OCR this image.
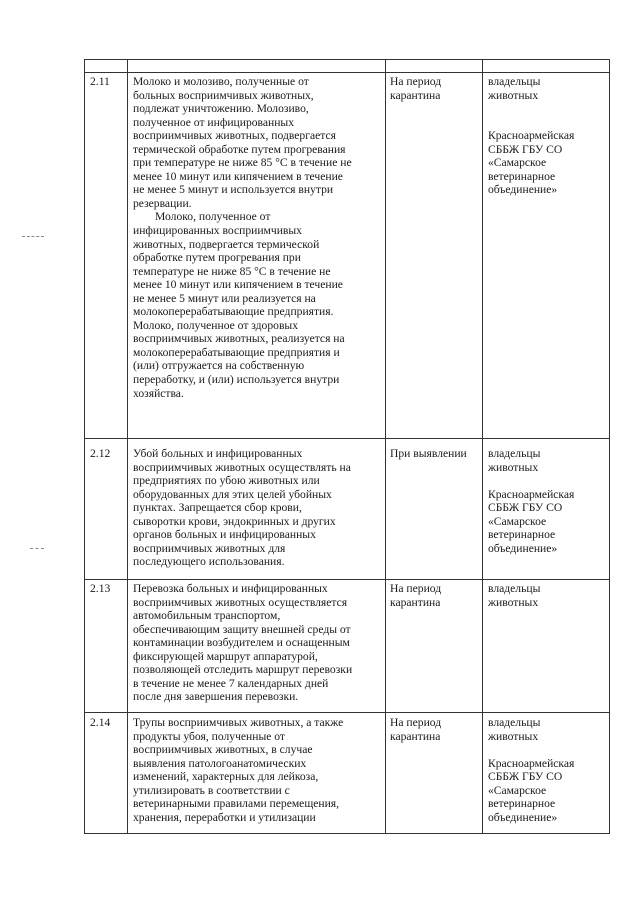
2.11 Молоко и молозиво, полученные от
больных восприимчивых животных,
подлежат уничтожению. Молозиво,
полученное от инфицированных
восприимчивых животных, подвергается
термической обработке путем прогревания
при температуре не ниже 85 °С в течение не
менее 10 минут или кипячением в течение
не менее 5 минут и используется внутри
резервации.
Молоко, полученное от
инфицированных восприимчивых
животных, подвергается термической
обработке путем прогревания при
температуре не ниже 85 °С в течение не
менее 10 минут или кипячением в течение
не менее 5 минут или реализуется на
молокоперерабатывающие предприятия.
Молоко, полученное от здоровых
восприимчивых животных, реализуется на
молокоперерабатывающие предприятия и
(или) отгружается на собственную
переработку, и (или) используется внутри
хозяйства.
На период
карантина
владельцы
животных
Красноармейская
СББЖ ГБУ СО
«Самарское
ветеринарное
объединение»
2.12 Убой больных и инфицированных
восприимчивых животных осуществлять на
предприятиях по убою животных или
оборудованных для этих целей убойных
пунктах. Запрещается сбор крови,
сыворотки крови, эндокринных и других
органов больных и инфицированных
восприимчивых животных для
последующего использования.
При выявлении владельцы
животных
Красноармейская
СББЖ ГБУ СО
«Самарское
ветеринарное
объединение»
2.13 Перевозка больных и инфицированных
восприимчивых животных осуществляется
автомобильным транспортом,
обеспечивающим защиту внешней среды от
контаминации возбудителем и оснащенным
фиксирующей маршрут аппаратурой,
позволяющей отследить маршрут перевозки
в течение не менее 7 календарных дней
после дня завершения перевозки.
На период
карантина
владельцы
животных
2.14 Трупы восприимчивых животных, а также
продукты убоя, полученные от
восприимчивых животных, в случае
выявления патологоанатомических
изменений, характерных для лейкоза,
утилизировать в соответствии с
ветеринарными правилами перемещения,
хранения, переработки и утилизации
На период
карантина
владельцы
животных
Красноармейская
СББЖ ГБУ СО
«Самарское
ветеринарное
объединение»
